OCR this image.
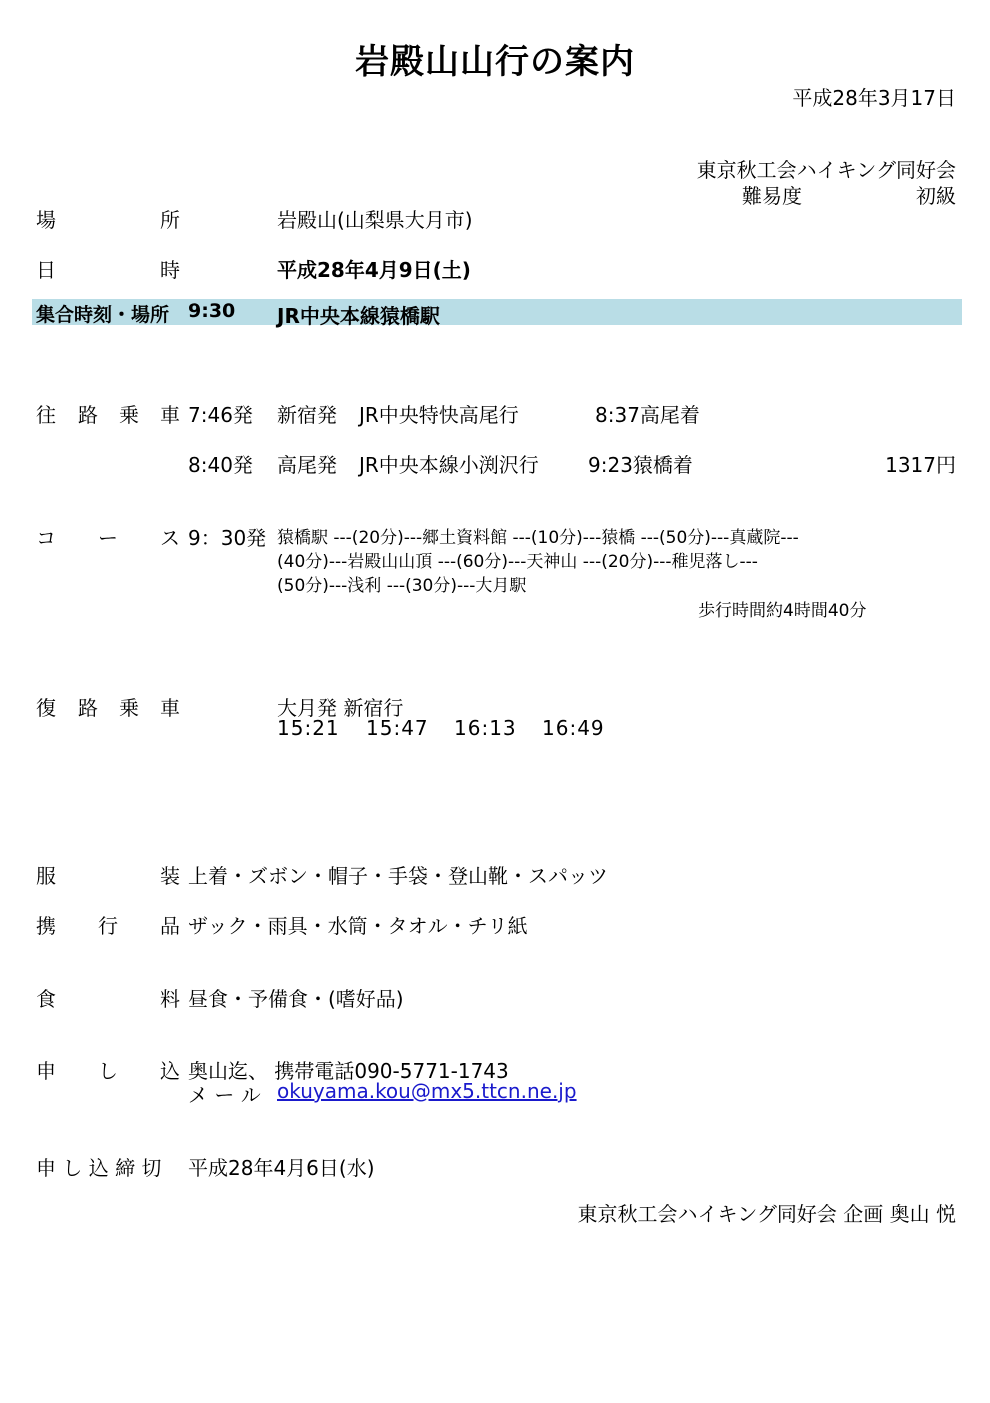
岩殿山山行の案内
平成28年3月17日
東京秋工会ハイキング同好会
難易度	初級
場	所	岩殿山(山梨県大月市)
日	時	平成28年4月9日(土)
集合時刻・場所 9:30 JR中央本線猿橋駅
往 路 乗 車 7:46発 新宿発 JR中央特快高尾行	8:37高尾着
8:40発 高尾発 JR中央本線小渕沢行 9:23猿橋着	1317円
コ ー ス 9：30発 猿橋駅 ---(20分)---郷土資料館 ---(10分)---猿橋 ---(50分)---真蔵院---
(40分)---岩殿山山頂 ---(60分)---天神山 ---(20分)---稚児落し---
(50分)---浅利 ---(30分)---大月駅
歩行時間約4時間40分
復 路 乗 車	大月発 新宿行
15:21 15:47 16:13 16:49
服	装 上着・ズボン・帽子・手袋・登山靴・スパッツ
携 行 品 ザック・雨具・水筒・タオル・チリ紙
食	料 昼食・予備食・(嗜好品)
申 し 込 奥山迄、 携帯電話090-5771-1743
メ ー ル okuyama.kou@mx5.ttcn.ne.jp
申 し 込 締 切 平成28年4月6日(水)
東京秋工会ハイキング同好会 企画 奥山 悦
